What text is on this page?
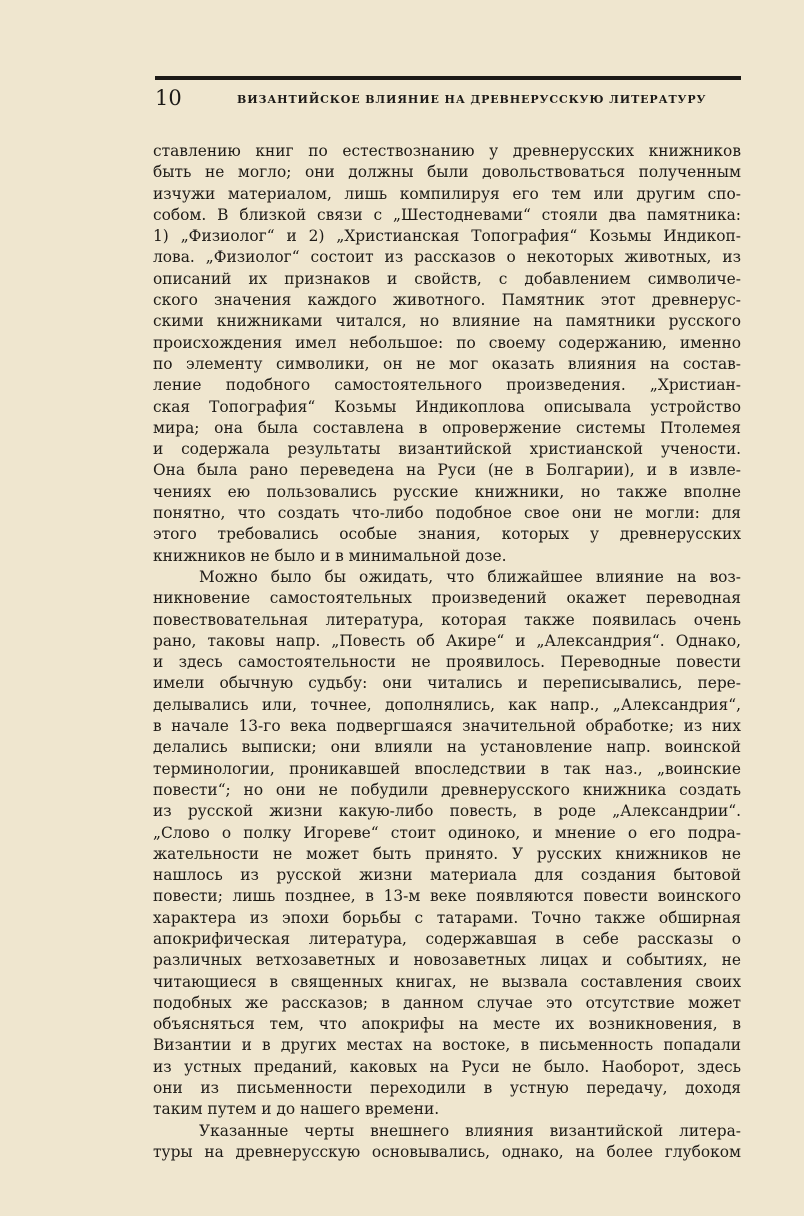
10	ВИЗАНТИЙСКОЕ ВЛИЯНИЕ НА ДРЕВНЕРУССКУЮ ЛИТЕРАТУРУ
ставлению книг по естествознанию у древнерусских книжников
быть не могло; они должны были довольствоваться полученным
изчужи материалом, лишь компилируя его тем или другим спо-
собом. В близкой связи с „Шестодневами“ стояли два памятника:
1) „Физиолог“ и 2) „Христианская Топография“ Козьмы Индикоп-
лова. „Физиолог“ состоит из рассказов о некоторых животных, из
описаний их признаков и свойств, с добавлением символиче-
ского значения каждого животного. Памятник этот древнерус-
скими книжниками читался, но влияние на памятники русского
происхождения имел небольшое: по своему содержанию, именно
по элементу символики, он не мог оказать влияния на состав-
ление подобного самостоятельного произведения. „Христиан-
ская Топография“ Козьмы Индикоплова описывала устройство
мира; она была составлена в опровержение системы Птолемея
и содержала результаты византийской христианской учености.
Она была рано переведена на Руси (не в Болгарии), и в извле-
чениях ею пользовались русские книжники, но также вполне
понятно, что создать что-либо подобное свое они не могли: для
этого требовались особые знания, которых у древнерусских
книжников не было и в минимальной дозе.
Можно было бы ожидать, что ближайшее влияние на воз-
никновение самостоятельных произведений окажет переводная
повествовательная литература, которая также появилась очень
рано, таковы напр. „Повесть об Акире“ и „Александрия“. Однако,
и здесь самостоятельности не проявилось. Переводные повести
имели обычную судьбу: они читались и переписывались, пере-
делывались или, точнее, дополнялись, как напр., „Александрия“,
в начале 13-го века подвергшаяся значительной обработке; из них
делались выписки; они влияли на установление напр. воинской
терминологии, проникавшей впоследствии в так наз., „воинские
повести“; но они не побудили древнерусского книжника создать
из русской жизни какую-либо повесть, в роде „Александрии“.
„Слово о полку Игореве“ стоит одиноко, и мнение о его подра-
жательности не может быть принято. У русских книжников не
нашлось из русской жизни материала для создания бытовой
повести; лишь позднее, в 13-м веке появляются повести воинского
характера из эпохи борьбы с татарами. Точно также обширная
апокрифическая литература, содержавшая в себе рассказы о
различных ветхозаветных и новозаветных лицах и событиях, не
читающиеся в священных книгах, не вызвала составления своих
подобных же рассказов; в данном случае это отсутствие может
объясняться тем, что апокрифы на месте их возникновения, в
Византии и в других местах на востоке, в письменность попадали
из устных преданий, каковых на Руси не было. Наоборот, здесь
они из письменности переходили в устную передачу, доходя
таким путем и до нашего времени.
Указанные черты внешнего влияния византийской литера-
туры на древнерусскую основывались, однако, на более глубоком
